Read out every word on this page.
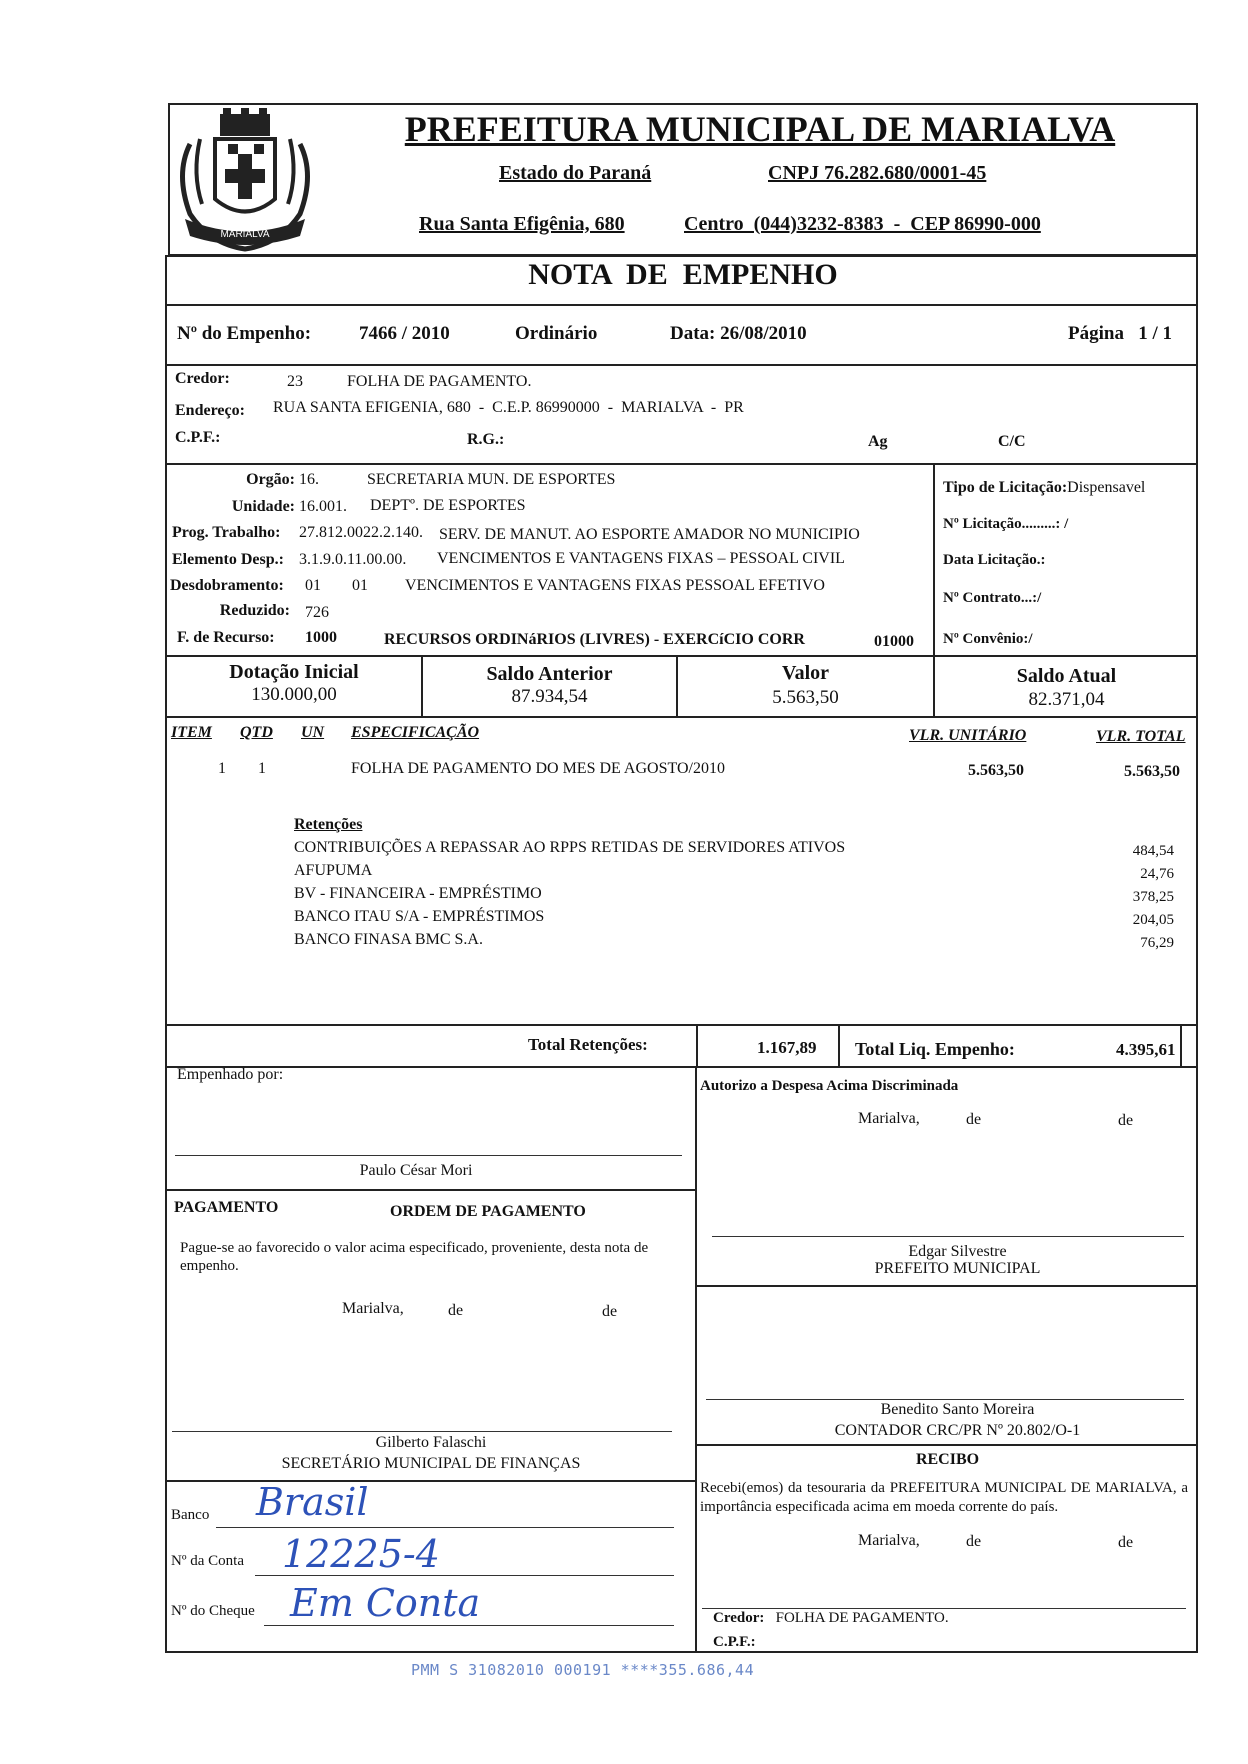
MARIALVA
PREFEITURA MUNICIPAL DE MARIALVA
Estado do Paraná	CNPJ 76.282.680/0001-45
Rua Santa Efigênia, 680	Centro  (044)3232-8383  -  CEP 86990-000
NOTA  DE  EMPENHO
Nº do Empenho:	7466 / 2010	Ordinário	Data: 26/08/2010	Página   1 / 1
Credor:	23	FOLHA DE PAGAMENTO.
Endereço: RUA SANTA EFIGENIA, 680  -  C.E.P. 86990000  -  MARIALVA  -  PR
C.P.F.:	R.G.:	Ag	C/C
Orgão: 16.	SECRETARIA MUN. DE ESPORTES
Unidade: 16.001. DEPTº. DE ESPORTES
Prog. Trabalho: 27.812.0022.2.140. SERV. DE MANUT. AO ESPORTE AMADOR NO MUNICIPIO
Elemento Desp.: 3.1.9.0.11.00.00. VENCIMENTOS E VANTAGENS FIXAS – PESSOAL CIVIL
Desdobramento: 01 01 VENCIMENTOS E VANTAGENS FIXAS PESSOAL EFETIVO
Reduzido: 726
F. de Recurso: 1000	RECURSOS ORDINáRIOS (LIVRES) - EXERCíCIO CORR	01000
Tipo de Licitação:Dispensavel
Nº Licitação.........: /
Data Licitação.:
Nº Contrato...:/
Nº Convênio:/
Dotação Inicial
130.000,00
Saldo Anterior
87.934,54
Valor
5.563,50
Saldo Atual
82.371,04
ITEM QTD UN ESPECIFICAÇÃO	VLR. UNITÁRIO	VLR. TOTAL
1 1	FOLHA DE PAGAMENTO DO MES DE AGOSTO/2010	5.563,50	5.563,50
Retenções
CONTRIBUIÇÕES A REPASSAR AO RPPS RETIDAS DE SERVIDORES ATIVOS	484,54
AFUPUMA	24,76
BV - FINANCEIRA - EMPRÉSTIMO	378,25
BANCO ITAU S/A - EMPRÉSTIMOS	204,05
BANCO FINASA BMC S.A.	76,29
Total Retenções:	1.167,89 Total Liq. Empenho:	4.395,61
Empenhado por:
Paulo César Mori
Autorizo a Despesa Acima Discriminada
Marialva,	de	de
Edgar Silvestre
PREFEITO MUNICIPAL
Benedito Santo Moreira
CONTADOR CRC/PR Nº 20.802/O-1
PAGAMENTO	ORDEM DE PAGAMENTO
Pague-se ao favorecido o valor acima especificado, proveniente, desta nota de empenho.
Marialva,	de	de
Gilberto Falaschi
SECRETÁRIO MUNICIPAL DE FINANÇAS
Banco Brasil
Nº da Conta 12225-4
Nº do Cheque Em Conta
RECIBO
Recebi(emos) da tesouraria da PREFEITURA MUNICIPAL DE MARIALVA, a importância especificada acima em moeda corrente do país.
Marialva,	de	de
Credor: FOLHA DE PAGAMENTO.
C.P.F.:
PMM S 31082010 000191 ****355.686,44
